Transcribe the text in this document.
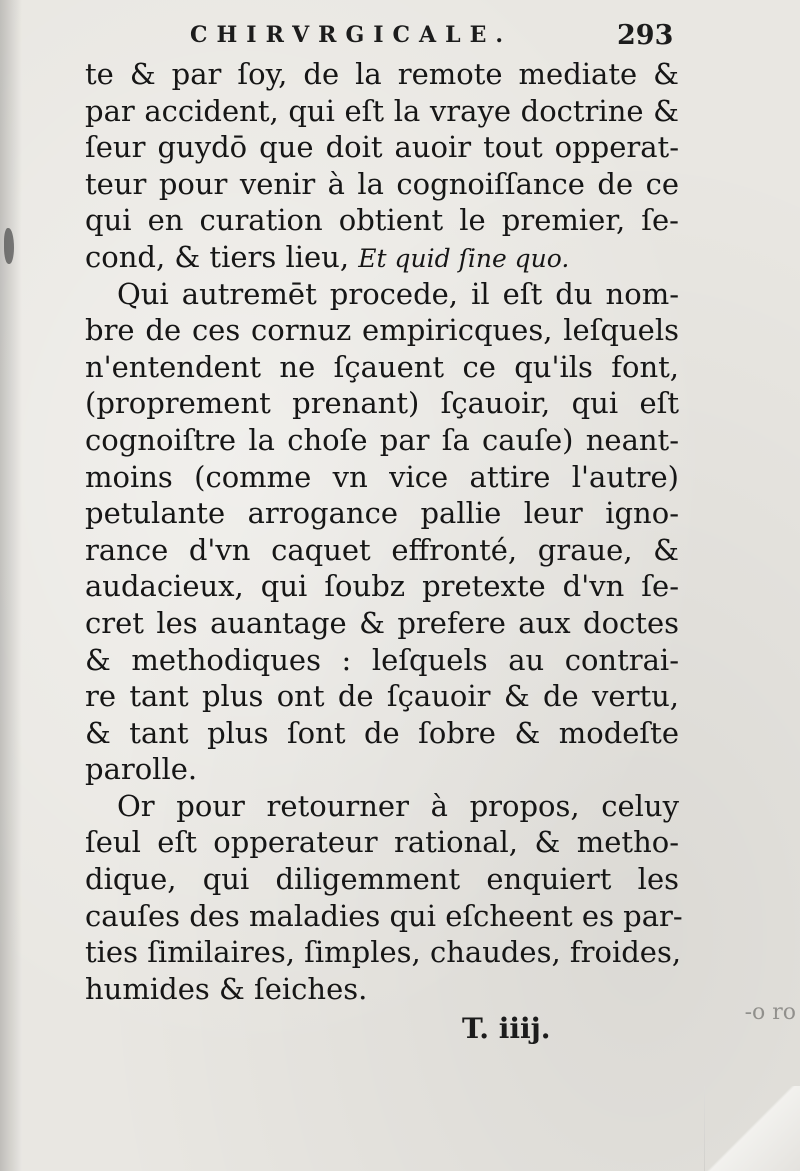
CHIRVRGICALE.	293
te & par ſoy, de la remote mediate &
par accident, qui eſt la vraye doctrine &
ſeur guydō que doit auoir tout opperat-
teur pour venir à la cognoiſſance de ce
qui en curation obtient le premier, ſe-
cond, & tiers lieu, Et quid ſine quo.
Qui autremēt procede, il eſt du nom-
bre de ces cornuz empiricques, leſquels
n'entendent ne ſçauent ce qu'ils font,
(proprement prenant) ſçauoir, qui eſt
cognoiſtre la choſe par ſa cauſe) neant-
moins (comme vn vice attire l'autre)
petulante arrogance pallie leur igno-
rance d'vn caquet effronté, graue, &
audacieux, qui ſoubz pretexte d'vn ſe-
cret les auantage & prefere aux doctes
& methodiques : leſquels au contrai-
re tant plus ont de ſçauoir & de vertu,
& tant plus ſont de ſobre & modeſte
parolle.
Or pour retourner à propos, celuy
ſeul eſt opperateur rational, & metho-
dique, qui diligemment enquiert les
cauſes des maladies qui eſcheent es par-
ties ſimilaires, ſimples, chaudes, froides,
humides & ſeiches.
T. iiij.	-o ro
